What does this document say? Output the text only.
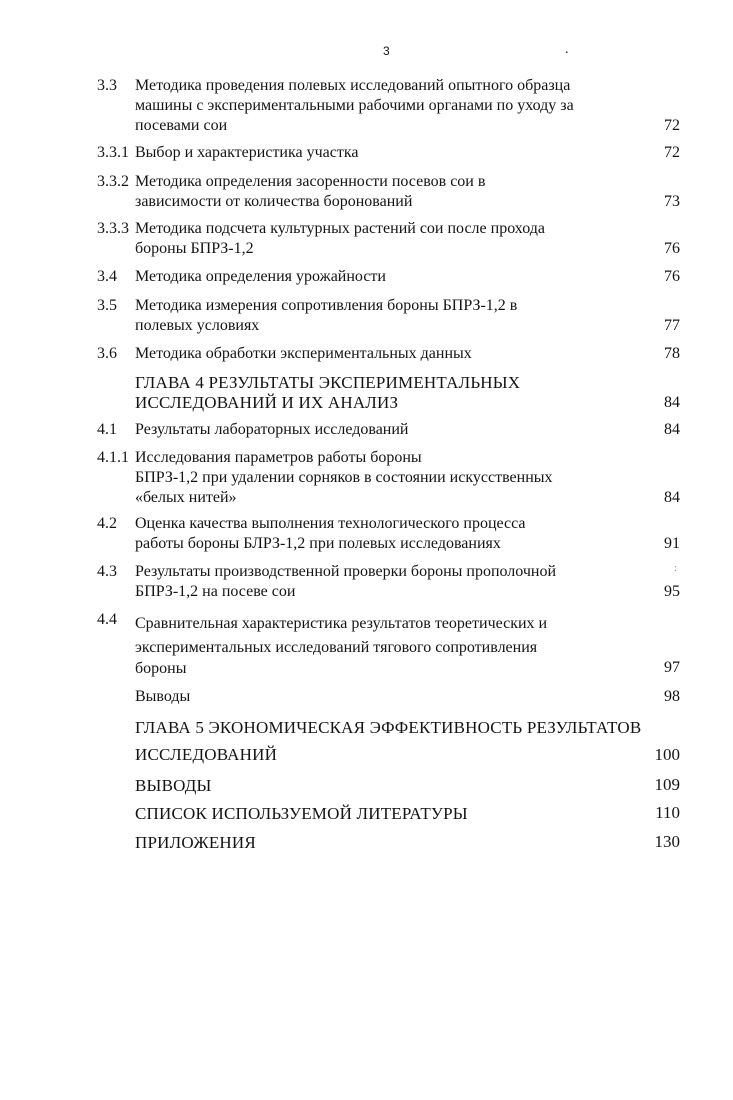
3	.
:
3.3 Методика проведения полевых исследований опытного образца
машины с экспериментальными рабочими органами по уходу за
посевами сои	72
3.3.1 Выбор и характеристика участка	72
3.3.2 Методика определения засоренности посевов сои в
зависимости от количества боронований	73
3.3.3 Методика подсчета культурных растений сои после прохода
бороны БПРЗ-1,2	76
3.4 Методика определения урожайности	76
3.5 Методика измерения сопротивления бороны БПРЗ-1,2 в
полевых условиях	77
3.6 Методика обработки экспериментальных данных	78
ГЛАВА 4 РЕЗУЛЬТАТЫ ЭКСПЕРИМЕНТАЛЬНЫХ
ИССЛЕДОВАНИЙ И ИХ АНАЛИЗ	84
4.1 Результаты лабораторных исследований	84
4.1.1 Исследования параметров работы бороны
БПРЗ-1,2 при удалении сорняков в состоянии искусственных
«белых нитей»	84
4.2 Оценка качества выполнения технологического процесса
работы бороны БЛРЗ-1,2 при полевых исследованиях	91
4.3 Результаты производственной проверки бороны прополочной
БПРЗ-1,2 на посеве сои	95
4.4 Сравнительная характеристика результатов теоретических и
экспериментальных исследований тягового сопротивления
бороны	97
Выводы	98
ГЛАВА 5 ЭКОНОМИЧЕСКАЯ ЭФФЕКТИВНОСТЬ РЕЗУЛЬТАТОВ
ИССЛЕДОВАНИЙ	100
ВЫВОДЫ	109
СПИСОК ИСПОЛЬЗУЕМОЙ ЛИТЕРАТУРЫ	110
ПРИЛОЖЕНИЯ	130
